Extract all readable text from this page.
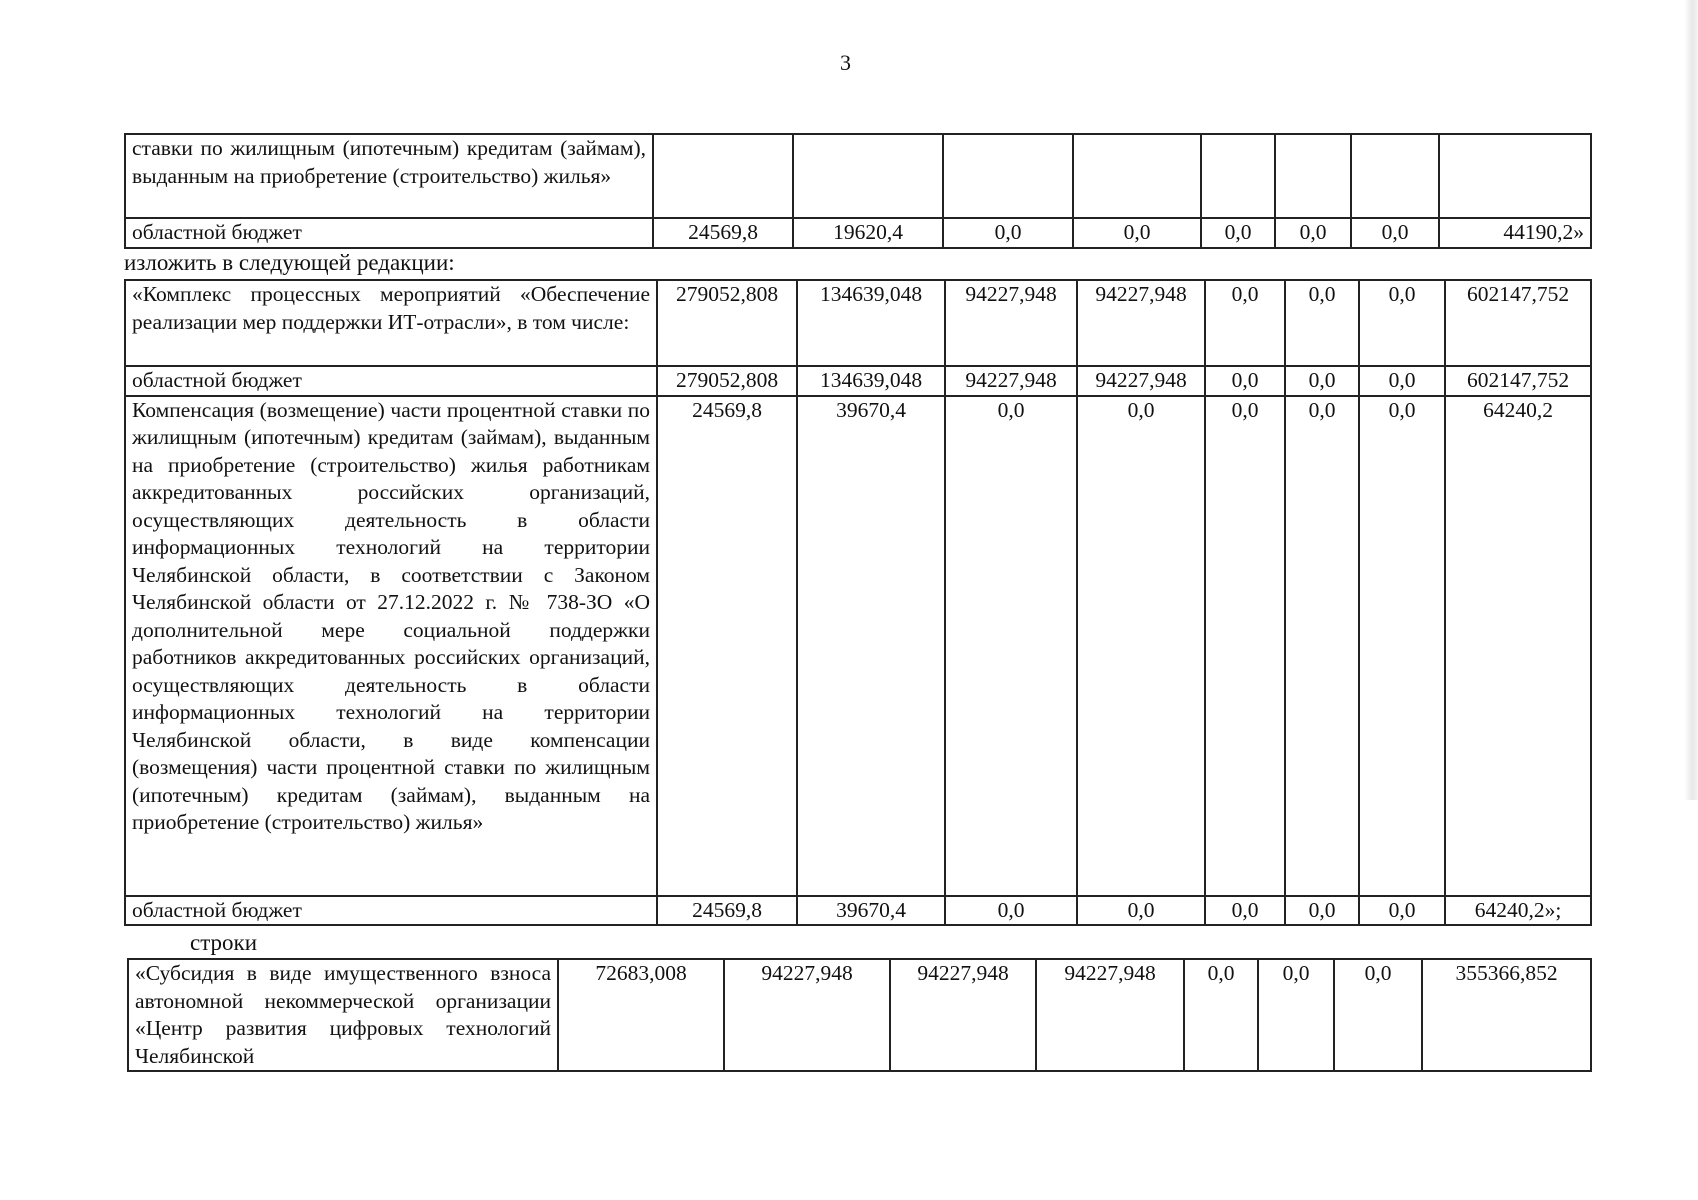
3
ставки по жилищным (ипотечным) кредитам (займам), выданным на приобретение (строительство) жилья»								
областной бюджет	24569,8	19620,4	0,0	0,0	0,0	0,0	0,0	44190,2»
изложить в следующей редакции:
«Комплекс процессных мероприятий «Обеспечение реализации мер поддержки ИТ-отрасли», в том числе:	279052,808	134639,048	94227,948	94227,948	0,0	0,0	0,0	602147,752
областной бюджет	279052,808	134639,048	94227,948	94227,948	0,0	0,0	0,0	602147,752
Компенсация (возмещение) части процентной ставки по жилищным (ипотечным) кредитам (займам), выданным на приобретение (строительство) жилья работникам аккредитованных российских организаций, осуществляющих деятельность в области информационных технологий на территории Челябинской области, в соответствии с Законом Челябинской области от 27.12.2022 г. № 738-ЗО «О дополнительной мере социальной поддержки работников аккредитованных российских организаций, осуществляющих деятельность в области информационных технологий на территории Челябинской области, в виде компенсации (возмещения) части процентной ставки по жилищным (ипотечным) кредитам (займам), выданным на приобретение (строительство) жилья»	24569,8	39670,4	0,0	0,0	0,0	0,0	0,0	64240,2
областной бюджет	24569,8	39670,4	0,0	0,0	0,0	0,0	0,0	64240,2»;
строки
«Субсидия в виде имущественного взноса автономной некоммерческой организации «Центр развития цифровых технологий Челябинской	72683,008	94227,948	94227,948	94227,948	0,0	0,0	0,0	355366,852
